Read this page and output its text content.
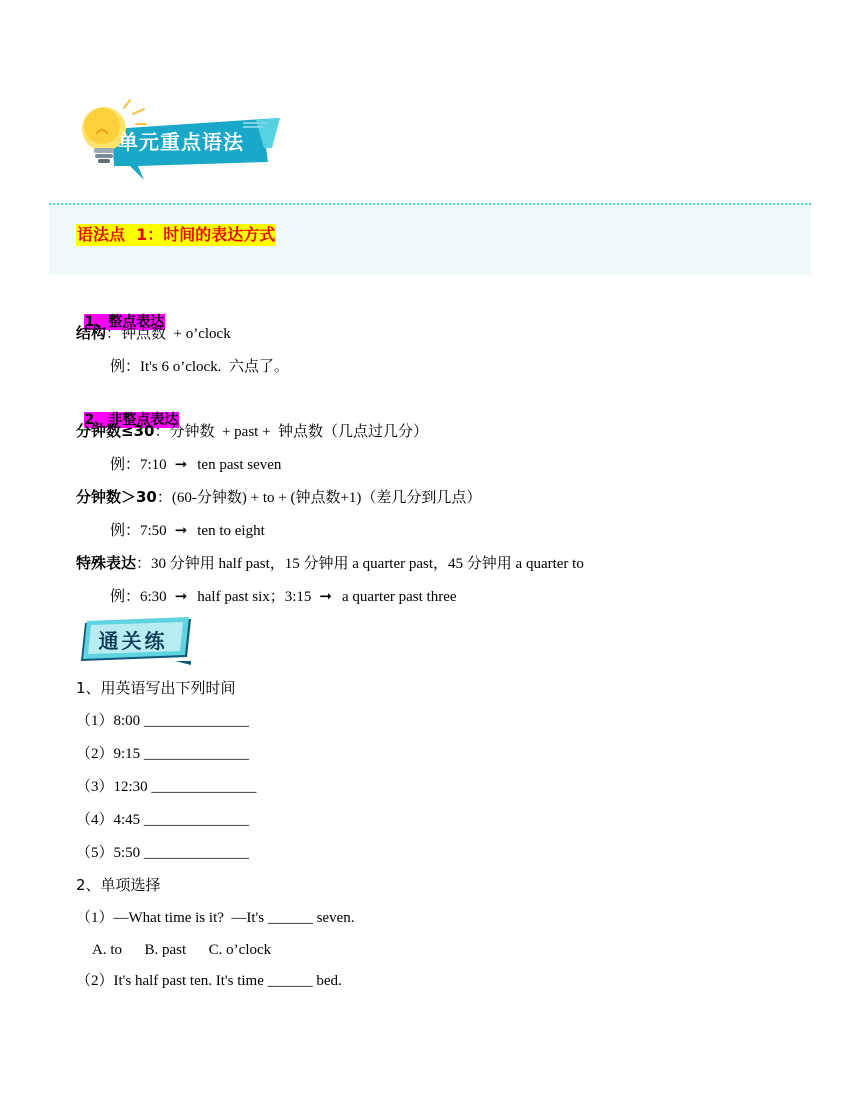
单元重点语法
语法点  1：时间的表达方式

1、整点表达

结构：钟点数  + o’clock
例：It's 6 o’clock.  六点了。

2、非整点表达

分钟数≤30：分钟数  + past +  钟点数（几点过几分）
例：7:10 ➞ ten past seven
分钟数＞30：(60-分钟数) + to + (钟点数+1)（差几分到几点）
例：7:50 ➞ ten to eight
特殊表达：30 分钟用 half past，15 分钟用 a quarter past，45 分钟用 a quarter to
例：6:30 ➞ half past six；3:15 ➞ a quarter past three
通关练
1、用英语写出下列时间
（1）8:00 ______________
（2）9:15 ______________
（3）12:30 ______________
（4）4:45 ______________
（5）5:50 ______________
2、单项选择
（1）—What time is it?  —It's ______ seven.
A. to      B. past      C. o’clock
（2）It's half past ten. It's time ______ bed.
